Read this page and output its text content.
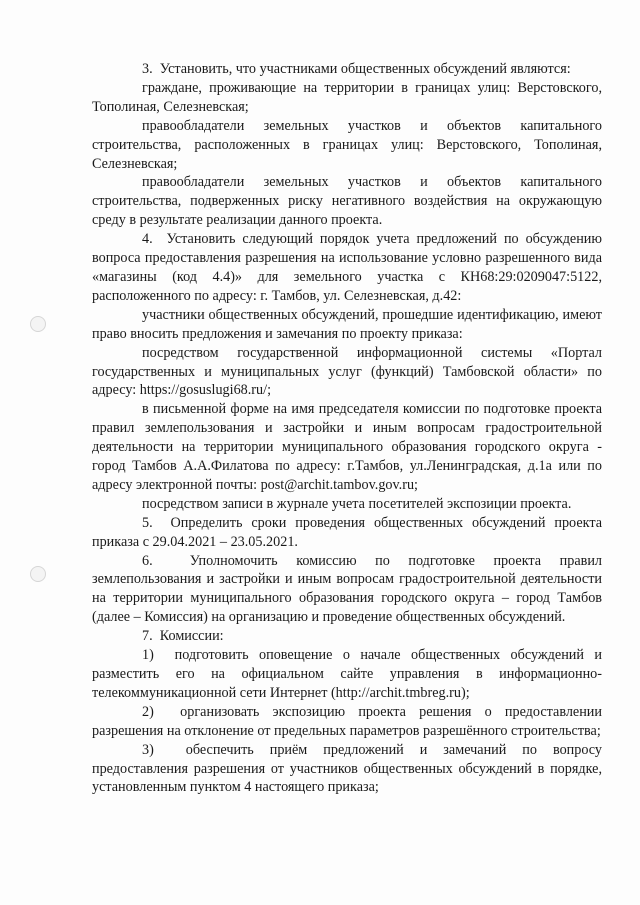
3.  Установить, что участниками общественных обсуждений являются:

граждане, проживающие на территории в границах улиц: Верстовского, Тополиная, Селезневская;

правообладатели земельных участков и объектов капитального строительства, расположенных в границах улиц: Верстовского, Тополиная, Селезневская;

правообладатели земельных участков и объектов капитального строительства, подверженных риску негативного воздействия на окружающую среду в результате реализации данного проекта.

4.  Установить следующий порядок учета предложений по обсуждению вопроса предоставления разрешения на использование условно разрешенного вида «магазины (код 4.4)» для земельного участка с КН68:29:0209047:5122, расположенного по адресу: г. Тамбов, ул. Селезневская, д.42:

участники общественных обсуждений, прошедшие идентификацию, имеют право вносить предложения и замечания по проекту приказа:

посредством государственной информационной системы «Портал государственных и муниципальных услуг (функций) Тамбовской области» по адресу: https://gosuslugi68.ru/;

в письменной форме на имя председателя комиссии по подготовке проекта правил землепользования и застройки и иным вопросам градостроительной деятельности на территории муниципального образования городского округа - город Тамбов А.А.Филатова по адресу: г.Тамбов, ул.Ленинградская, д.1а или по адресу электронной почты: post@archit.tambov.gov.ru;

посредством записи в журнале учета посетителей экспозиции проекта.

5.  Определить сроки проведения общественных обсуждений проекта приказа с 29.04.2021 – 23.05.2021.

6.  Уполномочить комиссию по подготовке проекта правил землепользования и застройки и иным вопросам градостроительной деятельности на территории муниципального образования городского округа – город Тамбов (далее – Комиссия) на организацию и проведение общественных обсуждений.

7.  Комиссии:

1)  подготовить оповещение о начале общественных обсуждений и разместить его на официальном сайте управления в информационно-телекоммуникационной сети Интернет (http://archit.tmbreg.ru);

2)  организовать экспозицию проекта решения о предоставлении разрешения на отклонение от предельных параметров разрешённого строительства;

3)  обеспечить приём предложений и замечаний по вопросу предоставления разрешения от участников общественных обсуждений в порядке, установленным пунктом 4 настоящего приказа;
